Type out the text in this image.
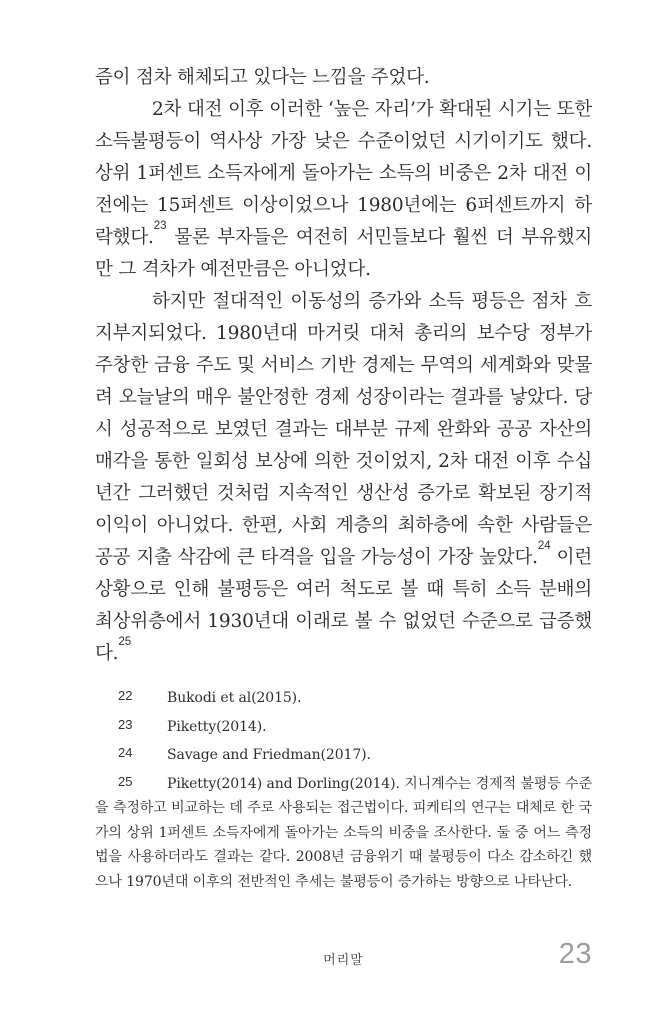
즘이 점차 해체되고 있다는 느낌을 주었다.

2차 대전 이후 이러한 ‘높은 자리’가 확대된 시기는 또한 소득불평등이 역사상 가장 낮은 수준이었던 시기이기도 했다. 상위 1퍼센트 소득자에게 돌아가는 소득의 비중은 2차 대전 이전에는 15퍼센트 이상이었으나 1980년에는 6퍼센트까지 하락했다.$^{23}$ 물론 부자들은 여전히 서민들보다 훨씬 더 부유했지만 그 격차가 예전만큼은 아니었다.

하지만 절대적인 이동성의 증가와 소득 평등은 점차 흐지부지되었다. 1980년대 마거릿 대처 총리의 보수당 정부가 주창한 금융 주도 및 서비스 기반 경제는 무역의 세계화와 맞물려 오늘날의 매우 불안정한 경제 성장이라는 결과를 낳았다. 당시 성공적으로 보였던 결과는 대부분 규제 완화와 공공 자산의 매각을 통한 일회성 보상에 의한 것이었지, 2차 대전 이후 수십 년간 그러했던 것처럼 지속적인 생산성 증가로 확보된 장기적 이익이 아니었다. 한편, 사회 계층의 최하층에 속한 사람들은 공공 지출 삭감에 큰 타격을 입을 가능성이 가장 높았다.$^{24}$ 이런 상황으로 인해 불평등은 여러 척도로 볼 때 특히 소득 분배의 최상위층에서 1930년대 이래로 볼 수 없었던 수준으로 급증했다.$^{25}$

22	Bukodi et al(2015).
23	Piketty(2014).
24	Savage and Friedman(2017).
25	Piketty(2014) and Dorling(2014). 지니계수는 경제적 불평등 수준을 측정하고 비교하는 데 주로 사용되는 접근법이다. 피케티의 연구는 대체로 한 국가의 상위 1퍼센트 소득자에게 돌아가는 소득의 비중을 조사한다. 둘 중 어느 측정법을 사용하더라도 결과는 같다. 2008년 금융위기 때 불평등이 다소 감소하긴 했으나 1970년대 이후의 전반적인 추세는 불평등이 증가하는 방향으로 나타난다.
머리말	23
